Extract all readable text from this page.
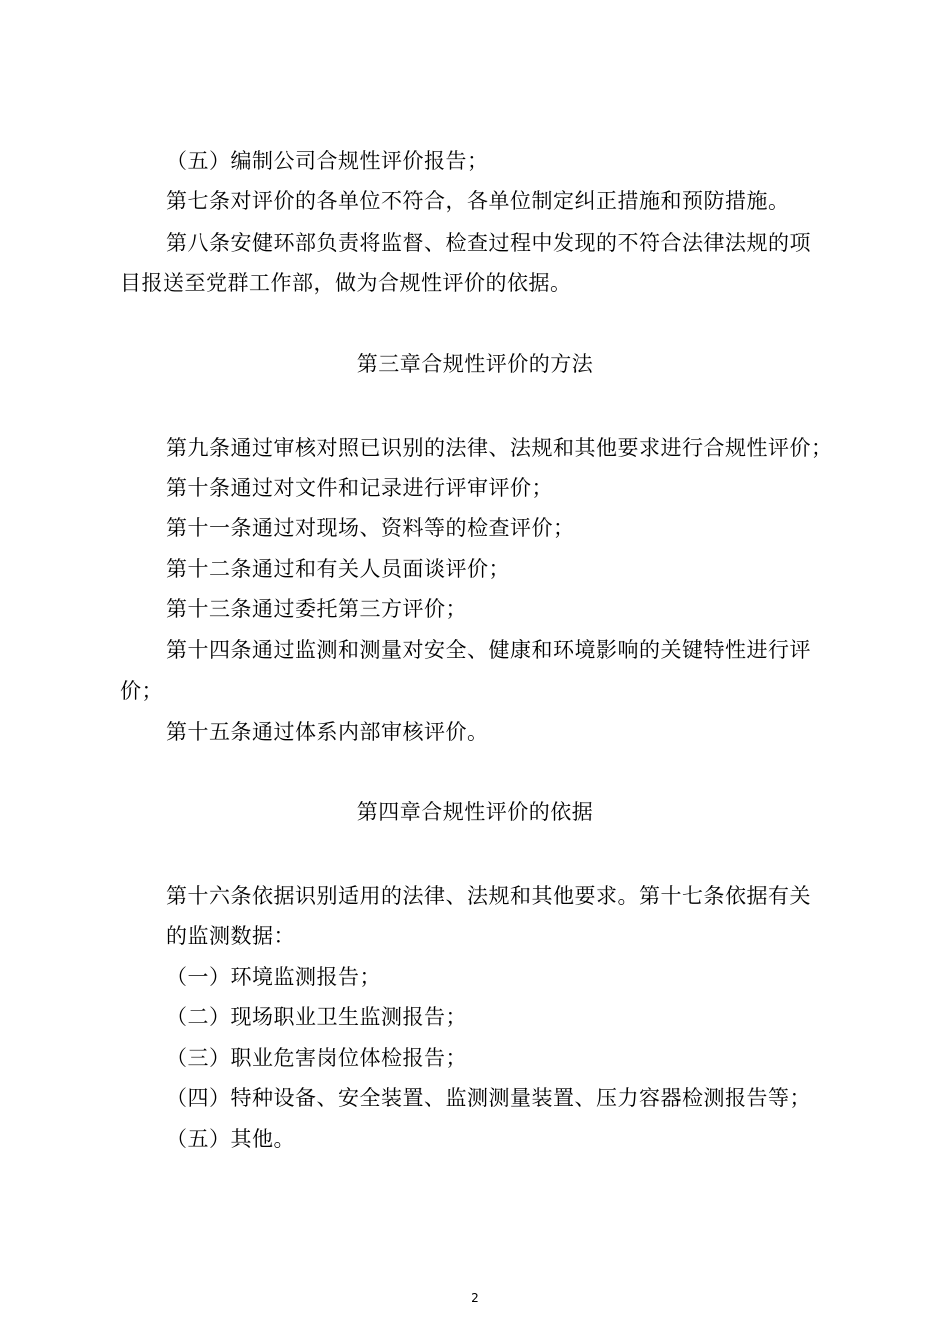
（五）编制公司合规性评价报告；
第七条对评价的各单位不符合，各单位制定纠正措施和预防措施。
第八条安健环部负责将监督、检查过程中发现的不符合法律法规的项
目报送至党群工作部，做为合规性评价的依据。
第三章合规性评价的方法
第九条通过审核对照已识别的法律、法规和其他要求进行合规性评价；
第十条通过对文件和记录进行评审评价；
第十一条通过对现场、资料等的检查评价；
第十二条通过和有关人员面谈评价；
第十三条通过委托第三方评价；
第十四条通过监测和测量对安全、健康和环境影响的关键特性进行评
价；
第十五条通过体系内部审核评价。
第四章合规性评价的依据
第十六条依据识别适用的法律、法规和其他要求。第十七条依据有关
的监测数据：
（一）环境监测报告；
（二）现场职业卫生监测报告；
（三）职业危害岗位体检报告；
（四）特种设备、安全装置、监测测量装置、压力容器检测报告等；
（五）其他。
2
